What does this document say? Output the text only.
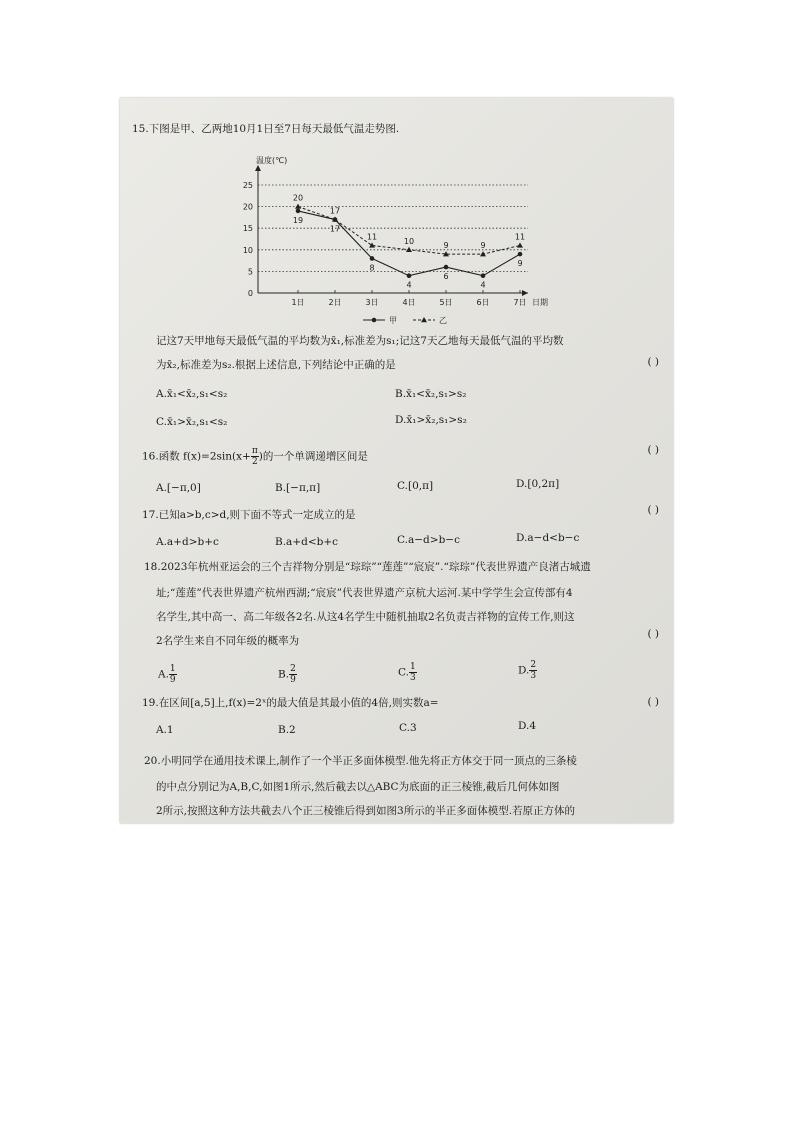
15.下图是甲、乙两地10月1日至7日每天最低气温走势图.
0
5
10
15
20
25
1日	2日	3日	4日	5日	6日	7日
温度(℃)
日期
19
17
8
4
6
4
9
20
17
11	10	9	9
11
甲	乙
记这7天甲地每天最低气温的平均数为x̄₁,标准差为s₁;记这7天乙地每天最低气温的平均数
为x̄₂,标准差为s₂.根据上述信息,下列结论中正确的是	( )
A.x̄₁<x̄₂,s₁<s₂	B.x̄₁<x̄₂,s₁>s₂
C.x̄₁>x̄₂,s₁<s₂	D.x̄₁>x̄₂,s₁>s₂
16.函数 $f(x)=2\sin(x+ \frac{\pi}{2}$ )的一个单调递增区间是
( )
A.[−π,0]	B.[−π,π]	C.[0,π]	D.[0,2π]
17.已知a>b,c>d,则下面不等式一定成立的是	( )
A.a+d>b+c	B.a+d<b+c	C.a−d>b−c	D.a−d<b−c
18.2023年杭州亚运会的三个吉祥物分别是“琮琮”“莲莲”“宸宸”.“琮琮”代表世界遗产良渚古城遗
址;“莲莲”代表世界遗产杭州西湖;“宸宸”代表世界遗产京杭大运河.某中学学生会宣传部有4
名学生,其中高一、高二年级各2名.从这4名学生中随机抽取2名负责吉祥物的宣传工作,则这
2名学生来自不同年级的概率为
( )
A. $\frac{1}{9}$	B. $\frac{2}{9}$	C. $\frac{1}{3}$	D. $\frac{2}{3}$
19.在区间[a,5]上,f(x)=2ˣ的最大值是其最小值的4倍,则实数a=	( )
A.1	B.2	C.3	D.4
20.小明同学在通用技术课上,制作了一个半正多面体模型.他先将正方体交于同一顶点的三条棱
的中点分别记为A,B,C,如图1所示,然后截去以△ABC为底面的正三棱锥,截后几何体如图
2所示,按照这种方法共截去八个正三棱锥后得到如图3所示的半正多面体模型.若原正方体的
